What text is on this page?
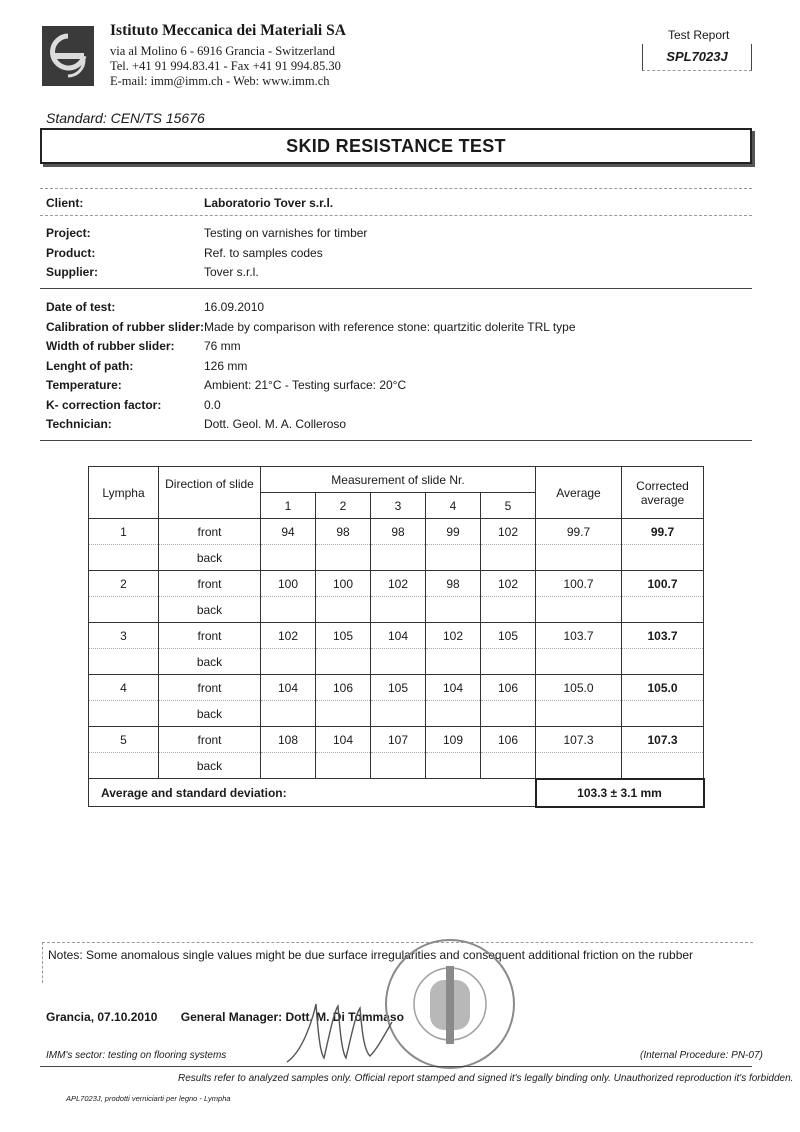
Istituto Meccanica dei Materiali SA
via al Molino 6 - 6916 Grancia - Switzerland
Tel. +41 91 994.83.41 - Fax +41 91 994.85.30
E-mail: imm@imm.ch - Web: www.imm.ch
Test Report
SPL7023J
Standard: CEN/TS 15676
SKID RESISTANCE TEST
Client:	Laboratorio Tover s.r.l.
Project:	Testing on varnishes for timber
Product:	Ref. to samples codes
Supplier:	Tover s.r.l.
Date of test:	16.09.2010
Calibration of rubber slider: Made by comparison with reference stone: quartzitic dolerite TRL type
Width of rubber slider: 76 mm
Lenght of path:	126 mm
Temperature:	Ambient: 21°C - Testing surface: 20°C
K- correction factor:	0.0
Technician:	Dott. Geol. M. A. Colleroso
Lympha	Direction of slide	Measurement of slide Nr.					Average	Corrected
average

		1	2	3	4	5		
1	front	94	98	98	99	102	99.7	99.7
	back							
2	front	100	100	102	98	102	100.7	100.7
	back							
3	front	102	105	104	102	105	103.7	103.7
	back							
4	front	104	106	105	104	106	105.0	105.0
	back							
5	front	108	104	107	109	106	107.3	107.3
	back							
Average and standard deviation:							103.3 ± 3.1 mm	
Notes: Some anomalous single values might be due surface irregularities and consequent additional friction on the rubber
Grancia, 07.10.2010       General Manager: Dott. M. Di Tommaso
IMM's sector: testing on flooring systems	(Internal Procedure: PN-07)
Results refer to analyzed samples only. Official report stamped and signed it's legally binding only. Unauthorized reproduction it's forbidden.
APL7023J, prodotti verniciarti per legno - Lympha
